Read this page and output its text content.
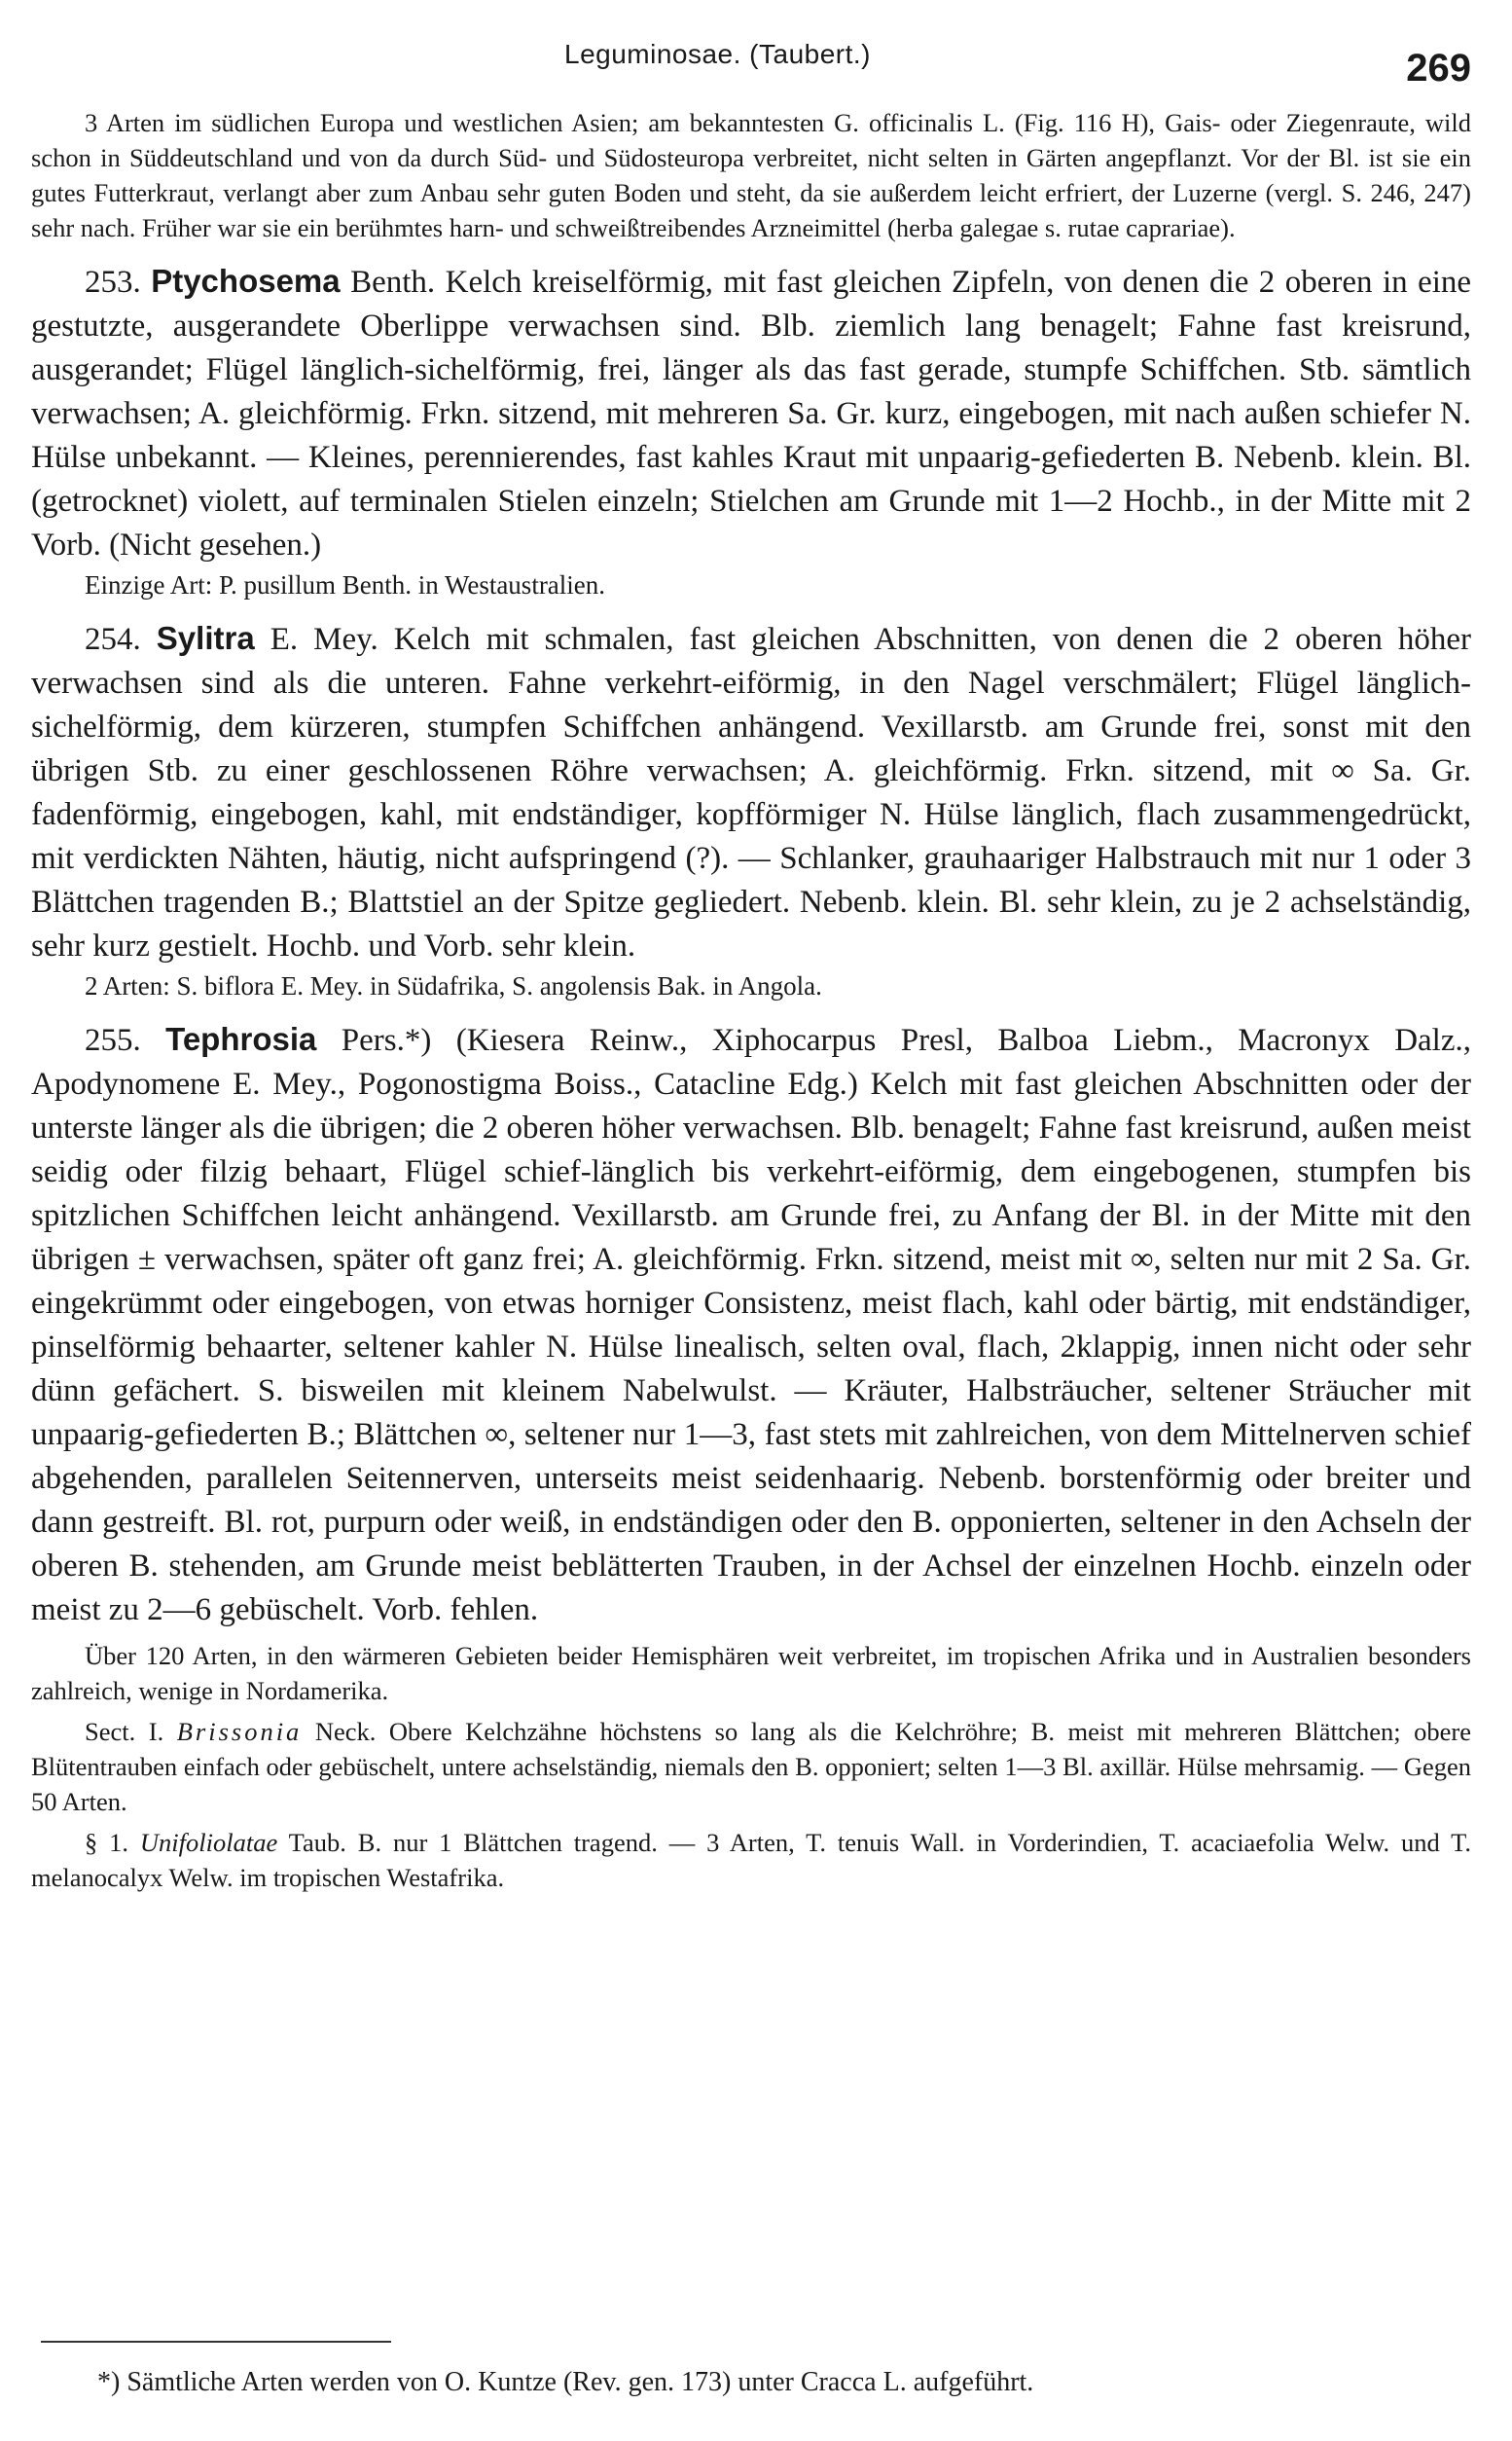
Leguminosae. (Taubert.)	269

3 Arten im südlichen Europa und westlichen Asien; am bekanntesten G. officinalis L. (Fig. 116 H), Gais- oder Ziegenraute, wild schon in Süddeutschland und von da durch Süd- und Südosteuropa verbreitet, nicht selten in Gärten angepflanzt. Vor der Bl. ist sie ein gutes Futterkraut, verlangt aber zum Anbau sehr guten Boden und steht, da sie außerdem leicht erfriert, der Luzerne (vergl. S. 246, 247) sehr nach. Früher war sie ein berühmtes harn- und schweißtreibendes Arzneimittel (herba galegae s. rutae caprariae).

253. Ptychosema Benth. Kelch kreiselförmig, mit fast gleichen Zipfeln, von denen die 2 oberen in eine gestutzte, ausgerandete Oberlippe verwachsen sind. Blb. ziemlich lang benagelt; Fahne fast kreisrund, ausgerandet; Flügel länglich-sichelförmig, frei, länger als das fast gerade, stumpfe Schiffchen. Stb. sämtlich verwachsen; A. gleichförmig. Frkn. sitzend, mit mehreren Sa. Gr. kurz, eingebogen, mit nach außen schiefer N. Hülse unbekannt. — Kleines, perennierendes, fast kahles Kraut mit unpaarig-gefiederten B. Nebenb. klein. Bl. (getrocknet) violett, auf terminalen Stielen einzeln; Stielchen am Grunde mit 1—2 Hochb., in der Mitte mit 2 Vorb. (Nicht gesehen.)

Einzige Art: P. pusillum Benth. in Westaustralien.

254. Sylitra E. Mey. Kelch mit schmalen, fast gleichen Abschnitten, von denen die 2 oberen höher verwachsen sind als die unteren. Fahne verkehrt-eiförmig, in den Nagel verschmälert; Flügel länglich-sichelförmig, dem kürzeren, stumpfen Schiffchen anhängend. Vexillarstb. am Grunde frei, sonst mit den übrigen Stb. zu einer geschlossenen Röhre verwachsen; A. gleichförmig. Frkn. sitzend, mit ∞ Sa. Gr. fadenförmig, eingebogen, kahl, mit endständiger, kopfförmiger N. Hülse länglich, flach zusammengedrückt, mit verdickten Nähten, häutig, nicht aufspringend (?). — Schlanker, grauhaariger Halbstrauch mit nur 1 oder 3 Blättchen tragenden B.; Blattstiel an der Spitze gegliedert. Nebenb. klein. Bl. sehr klein, zu je 2 achselständig, sehr kurz gestielt. Hochb. und Vorb. sehr klein.

2 Arten: S. biflora E. Mey. in Südafrika, S. angolensis Bak. in Angola.

255. Tephrosia Pers.*) (Kiesera Reinw., Xiphocarpus Presl, Balboa Liebm., Macronyx Dalz., Apodynomene E. Mey., Pogonostigma Boiss., Catacline Edg.) Kelch mit fast gleichen Abschnitten oder der unterste länger als die übrigen; die 2 oberen höher verwachsen. Blb. benagelt; Fahne fast kreisrund, außen meist seidig oder filzig behaart, Flügel schief-länglich bis verkehrt-eiförmig, dem eingebogenen, stumpfen bis spitzlichen Schiffchen leicht anhängend. Vexillarstb. am Grunde frei, zu Anfang der Bl. in der Mitte mit den übrigen ± verwachsen, später oft ganz frei; A. gleichförmig. Frkn. sitzend, meist mit ∞, selten nur mit 2 Sa. Gr. eingekrümmt oder eingebogen, von etwas horniger Consistenz, meist flach, kahl oder bärtig, mit endständiger, pinselförmig behaarter, seltener kahler N. Hülse linealisch, selten oval, flach, 2klappig, innen nicht oder sehr dünn gefächert. S. bisweilen mit kleinem Nabelwulst. — Kräuter, Halbsträucher, seltener Sträucher mit unpaarig-gefiederten B.; Blättchen ∞, seltener nur 1—3, fast stets mit zahlreichen, von dem Mittelnerven schief abgehenden, parallelen Seitennerven, unterseits meist seidenhaarig. Nebenb. borstenförmig oder breiter und dann gestreift. Bl. rot, purpurn oder weiß, in endständigen oder den B. opponierten, seltener in den Achseln der oberen B. stehenden, am Grunde meist beblätterten Trauben, in der Achsel der einzelnen Hochb. einzeln oder meist zu 2—6 gebüschelt. Vorb. fehlen.

Über 120 Arten, in den wärmeren Gebieten beider Hemisphären weit verbreitet, im tropischen Afrika und in Australien besonders zahlreich, wenige in Nordamerika.

Sect. I. Brissonia Neck. Obere Kelchzähne höchstens so lang als die Kelchröhre; B. meist mit mehreren Blättchen; obere Blütentrauben einfach oder gebüschelt, untere achselständig, niemals den B. opponiert; selten 1—3 Bl. axillär. Hülse mehrsamig. — Gegen 50 Arten.

§ 1. Unifoliolatae Taub. B. nur 1 Blättchen tragend. — 3 Arten, T. tenuis Wall. in Vorderindien, T. acaciaefolia Welw. und T. melanocalyx Welw. im tropischen Westafrika.

*) Sämtliche Arten werden von O. Kuntze (Rev. gen. 173) unter Cracca L. aufgeführt.
